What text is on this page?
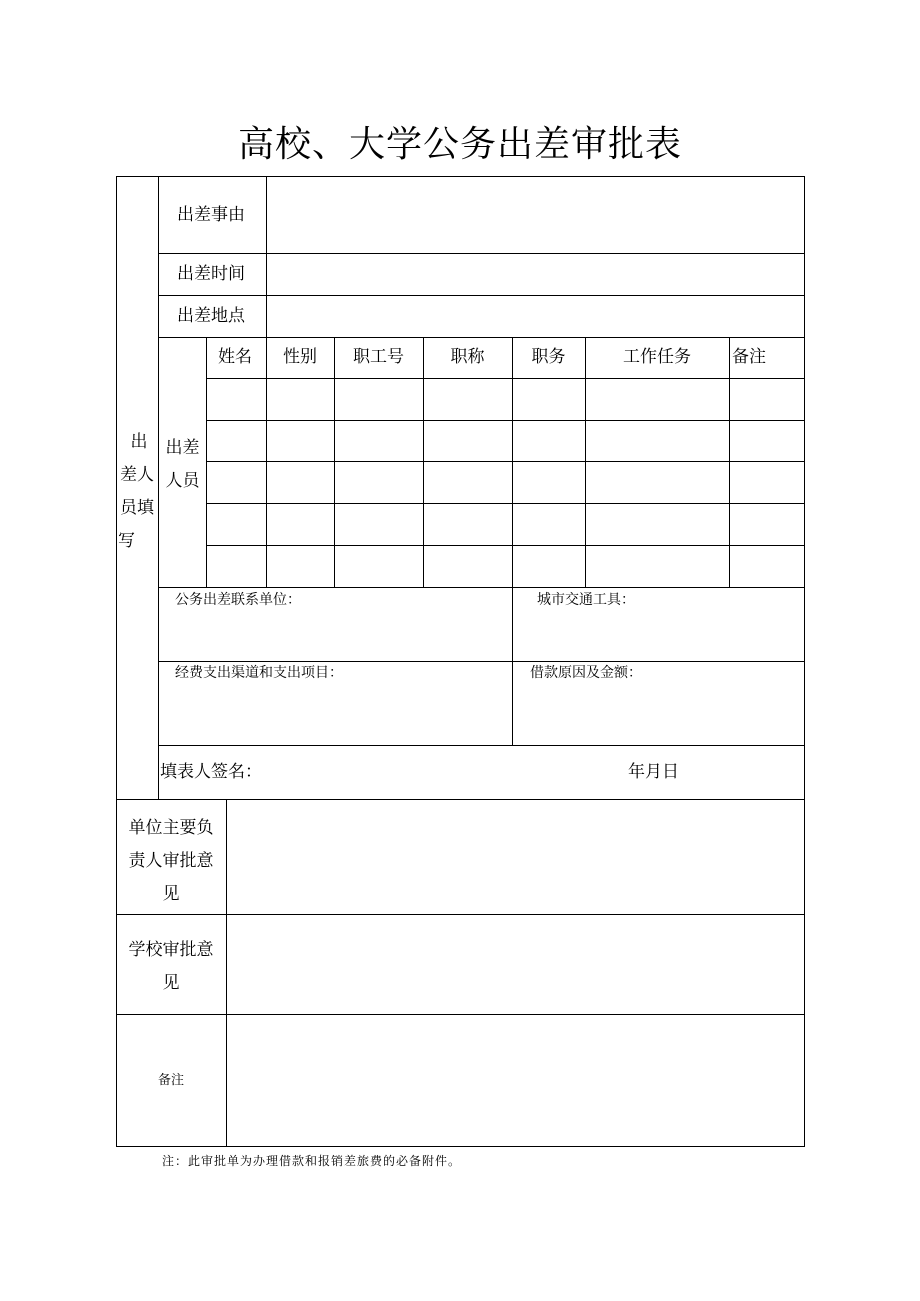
高校、大学公务出差审批表
出
差人
员填
写
出差事由
出差时间
出差地点
出差
人员
姓名	性别	职工号	职称	职务	工作任务	备注
公务出差联系单位：	城市交通工具：
经费支出渠道和支出项目：	借款原因及金额：
填表人签名：	年月日
单位主要负
责人审批意
见
学校审批意
见
备注
注：此审批单为办理借款和报销差旅费的必备附件。
